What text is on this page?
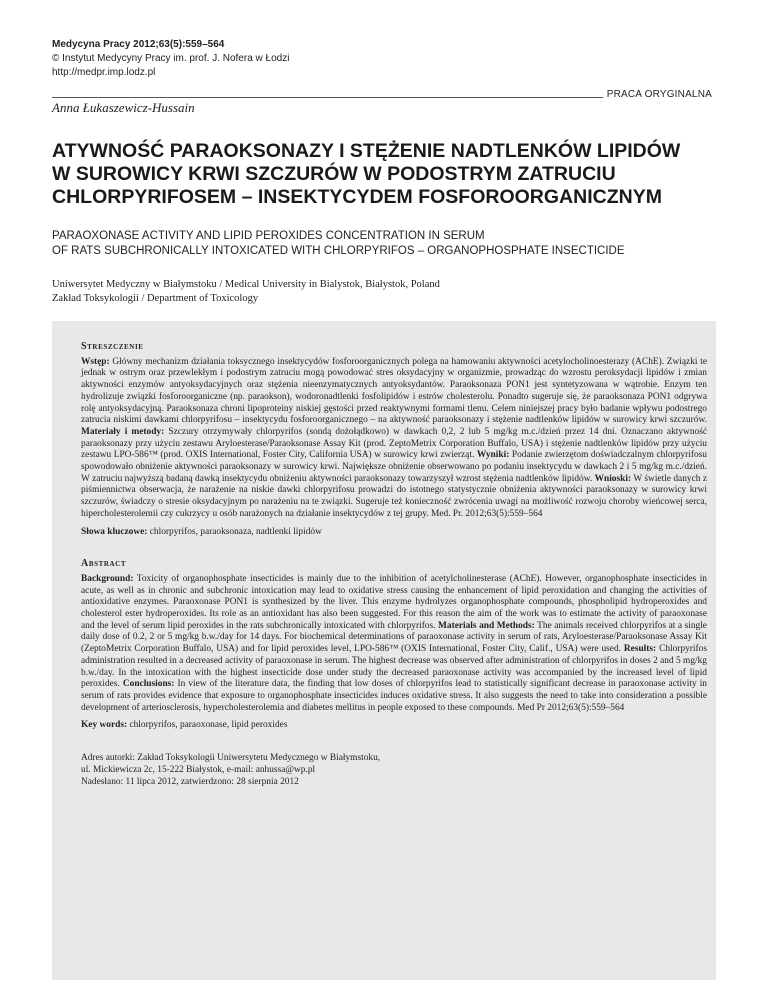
Medycyna Pracy 2012;63(5):559–564
© Instytut Medycyny Pracy im. prof. J. Nofera w Łodzi
http://medpr.imp.lodz.pl
PRACA ORYGINALNA
Anna Łukaszewicz-Hussain
ATYWNOŚĆ PARAOKSONAZY I STĘŻENIE NADTLENKÓW LIPIDÓW
W SUROWICY KRWI SZCZURÓW W PODOSTRYM ZATRUCIU
CHLORPYRIFOSEM – INSEKTYCYDEM FOSFOROORGANICZNYM
PARAOXONASE ACTIVITY AND LIPID PEROXIDES CONCENTRATION IN SERUM
OF RATS SUBCHRONICALLY INTOXICATED WITH CHLORPYRIFOS – ORGANOPHOSPHATE INSECTICIDE
Uniwersytet Medyczny w Białymstoku / Medical University in Bialystok, Białystok, Poland
Zakład Toksykologii / Department of Toxicology

Streszczenie

Wstęp: Główny mechanizm działania toksycznego insektycydów fosforoorganicznych polega na hamowaniu aktywności acetylocholinoesterazy (AChE). Związki te jednak w ostrym oraz przewlekłym i podostrym zatruciu mogą powodować stres oksydacyjny w organizmie, prowadząc do wzrostu peroksydacji lipidów i zmian aktywności enzymów antyoksydacyjnych oraz stężenia nieenzymatycznych antyoksydantów. Paraoksonaza PON1 jest syntetyzowana w wątrobie. Enzym ten hydrolizuje związki fosforoorganiczne (np. paraokson), wodoronadtlenki fosfolipidów i estrów cholesterolu. Ponadto sugeruje się, że paraoksonaza PON1 odgrywa rolę antyoksydacyjną. Paraoksonaza chroni lipoproteiny niskiej gęstości przed reaktywnymi formami tlenu. Celem niniejszej pracy było badanie wpływu podostrego zatrucia niskimi dawkami chlorpyrifosu – insektycydu fosforoorganicznego – na aktywność paraoksonazy i stężenie nadtlenków lipidów w surowicy krwi szczurów. Materiały i metody: Szczury otrzymywały chlorpyrifos (sondą dożołądkowo) w dawkach 0,2, 2 lub 5 mg/kg m.c./dzień przez 14 dni. Oznaczano aktywność paraoksonazy przy użyciu zestawu Aryloesterase/Paraoksonase Assay Kit (prod. ZeptoMetrix Corporation Buffalo, USA) i stężenie nadtlenków lipidów przy użyciu zestawu LPO-586™ (prod. OXIS International, Foster City, California USA) w surowicy krwi zwierząt. Wyniki: Podanie zwierzętom doświadczalnym chlorpyrifosu spowodowało obniżenie aktywności paraoksonazy w surowicy krwi. Największe obniżenie obserwowano po podaniu insektycydu w dawkach 2 i 5 mg/kg m.c./dzień. W zatruciu najwyższą badaną dawką insektycydu obniżeniu aktywności paraoksonazy towarzyszył wzrost stężenia nadtlenków lipidów. Wnioski: W świetle danych z piśmiennictwa obserwacja, że narażenie na niskie dawki chlorpyrifosu prowadzi do istotnego statystycznie obniżenia aktywności paraoksonazy w surowicy krwi szczurów, świadczy o stresie oksydacyjnym po narażeniu na te związki. Sugeruje też konieczność zwrócenia uwagi na możliwość rozwoju choroby wieńcowej serca, hipercholesterolemii czy cukrzycy u osób narażonych na działanie insektycydów z tej grupy. Med. Pr. 2012;63(5):559–564

Słowa kluczowe: chlorpyrifos, paraoksonaza, nadtlenki lipidów

Abstract

Background: Toxicity of organophosphate insecticides is mainly due to the inhibition of acetylcholinesterase (AChE). However, organophosphate insecticides in acute, as well as in chronic and subchronic intoxication may lead to oxidative stress causing the enhancement of lipid peroxidation and changing the activities of antioxidative enzymes. Paraoxonase PON1 is synthesized by the liver. This enzyme hydrolyzes organophosphate compounds, phospholipid hydroperoxides and cholesterol ester hydroperoxides. Its role as an antioxidant has also been suggested. For this reason the aim of the work was to estimate the activity of paraoxonase and the level of serum lipid peroxides in the rats subchronically intoxicated with chlorpyrifos. Materials and Methods: The animals received chlorpyrifos at a single daily dose of 0.2, 2 or 5 mg/kg b.w./day for 14 days. For biochemical determinations of paraoxonase activity in serum of rats, Aryloesterase/Paraoksonase Assay Kit (ZeptoMetrix Corporation Buffalo, USA) and for lipid peroxides level, LPO-586™ (OXIS International, Foster City, Calif., USA) were used. Results: Chlorpyrifos administration resulted in a decreased activity of paraoxonase in serum. The highest decrease was observed after administration of chlorpyrifos in doses 2 and 5 mg/kg b.w./day. In the intoxication with the highest insecticide dose under study the decreased paraoxonase activity was accompanied by the increased level of lipid peroxides. Conclusions: In view of the literature data, the finding that low doses of chlorpyrifos lead to statistically significant decrease in paraoxonase activity in serum of rats provides evidence that exposure to organophosphate insecticides induces oxidative stress. It also suggests the need to take into consideration a possible development of arteriosclerosis, hypercholesterolemia and diabetes mellitus in people exposed to these compounds. Med Pr 2012;63(5):559–564

Key words: chlorpyrifos, paraoxonase, lipid peroxides

Adres autorki: Zakład Toksykologii Uniwersytetu Medycznego w Białymstoku,
ul. Mickiewicza 2c, 15-222 Białystok, e-mail: anhussa@wp.pl
Nadesłano: 11 lipca 2012, zatwierdzono: 28 sierpnia 2012
